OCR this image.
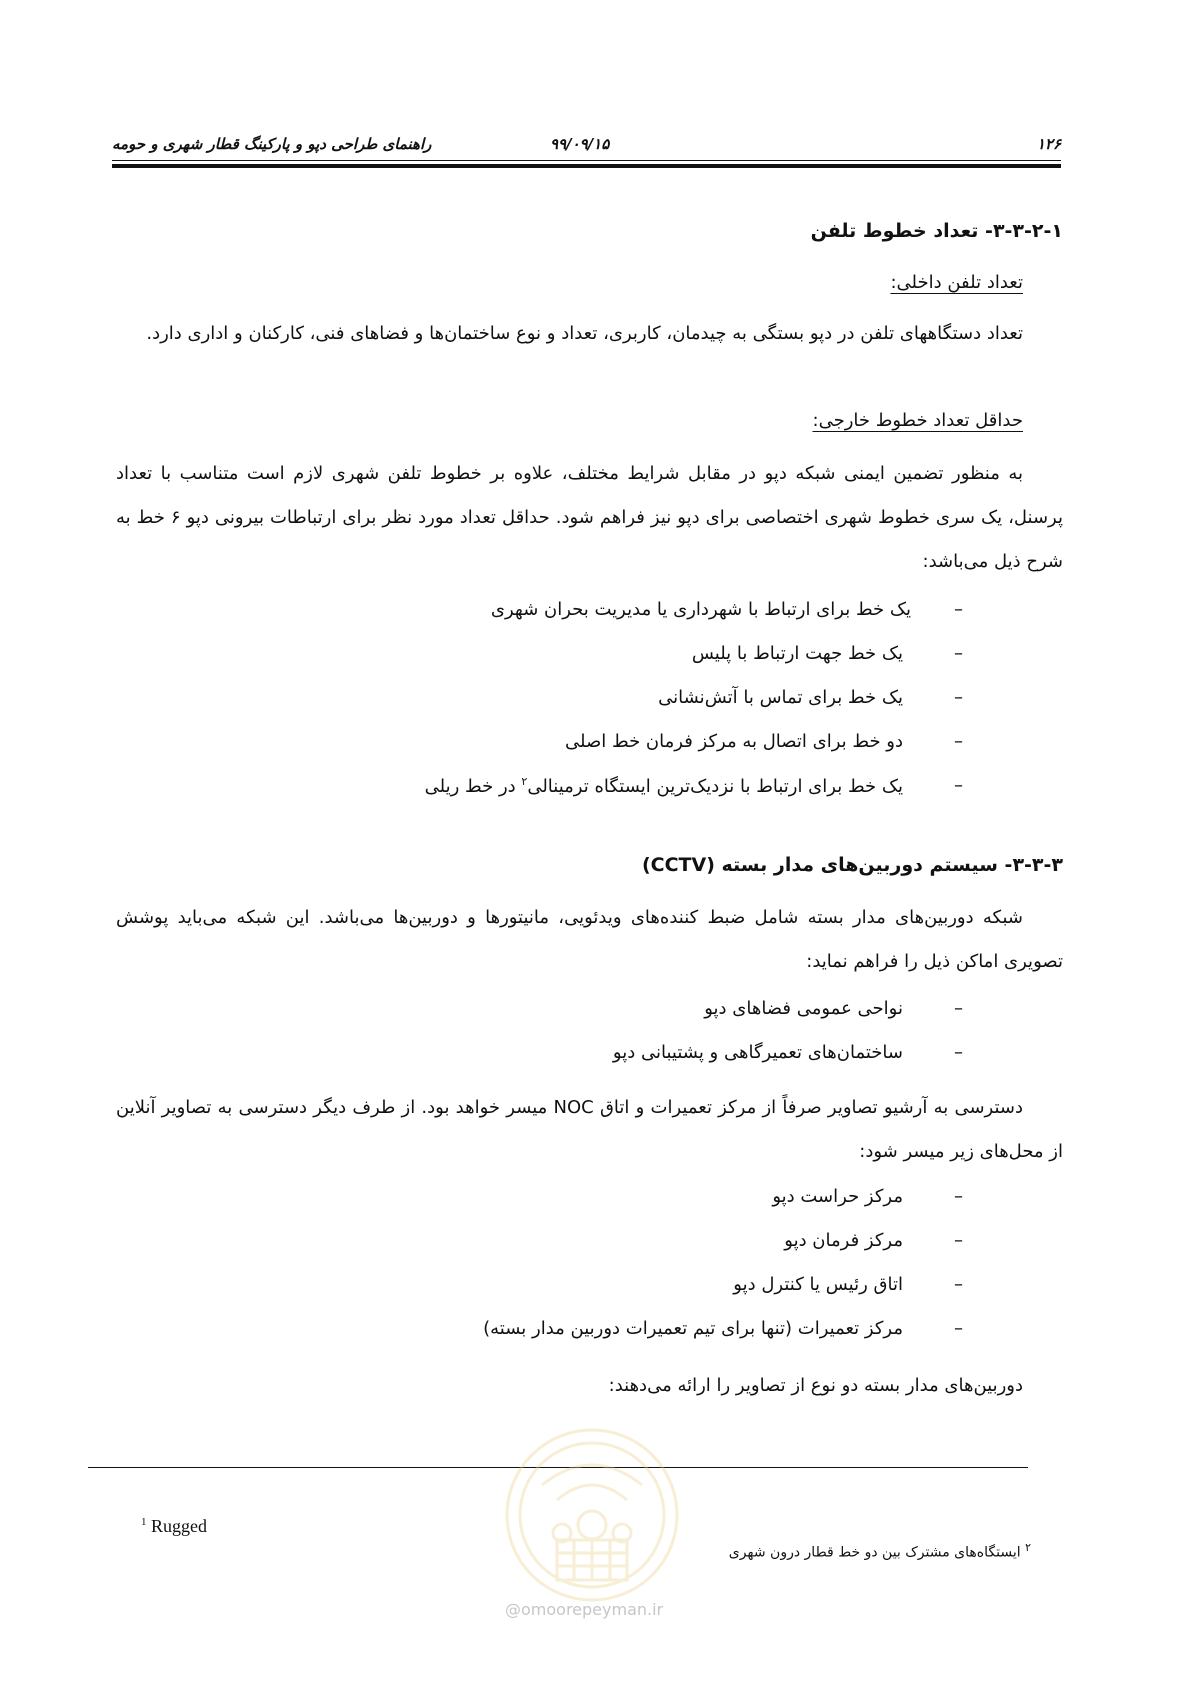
۱۲۶
۹۹/۰۹/۱۵
راهنمای طراحی دپو و پارکینگ قطار شهری و حومه
۳-۳-۲-۱- تعداد خطوط تلفن
تعداد تلفن داخلی:
تعداد دستگاههای تلفن در دپو بستگی به چیدمان، کاربری، تعداد و نوع ساختمان‌ها و فضاهای فنی، کارکنان و اداری دارد.
حداقل تعداد خطوط خارجی:
به منظور تضمین ایمنی شبکه دپو در مقابل شرایط مختلف، علاوه بر خطوط تلفن شهری لازم است متناسب با تعداد پرسنل، یک سری خطوط شهری اختصاصی برای دپو نیز فراهم شود. حداقل تعداد مورد نظر برای ارتباطات بیرونی دپو ۶ خط به شرح ذیل می‌باشد:
–
یک خط برای ارتباط با شهرداری یا مدیریت بحران شهری
–
یک خط جهت ارتباط با پلیس
–
یک خط برای تماس با آتش‌نشانی
–
دو خط برای اتصال به مرکز فرمان خط اصلی
–
یک خط برای ارتباط با نزدیک‌ترین ایستگاه ترمینالی$^۲$ در خط ریلی
۳-۳-۳- سیستم دوربین‌های مدار بسته (CCTV)
شبکه دوربین‌های مدار بسته شامل ضبط کننده‌های ویدئویی، مانیتورها و دوربین‌ها می‌باشد. این شبکه می‌باید پوشش تصویری اماکن ذیل را فراهم نماید:
–
نواحی عمومی فضاهای دپو
–
ساختمان‌های تعمیرگاهی و پشتیبانی دپو
دسترسی به آرشیو تصاویر صرفاً از مرکز تعمیرات و اتاق NOC میسر خواهد بود. از طرف دیگر دسترسی به تصاویر آنلاین از محل‌های زیر میسر شود:
–
مرکز حراست دپو
–
مرکز فرمان دپو
–
اتاق رئیس یا کنترل دپو
–
مرکز تعمیرات (تنها برای تیم تعمیرات دوربین مدار بسته)
دوربین‌های مدار بسته دو نوع از تصاویر را ارائه می‌دهند:
$^1$ Rugged
$^۲$ ایستگاه‌های مشترک بین دو خط قطار درون شهری
@omoorepeyman.ir
